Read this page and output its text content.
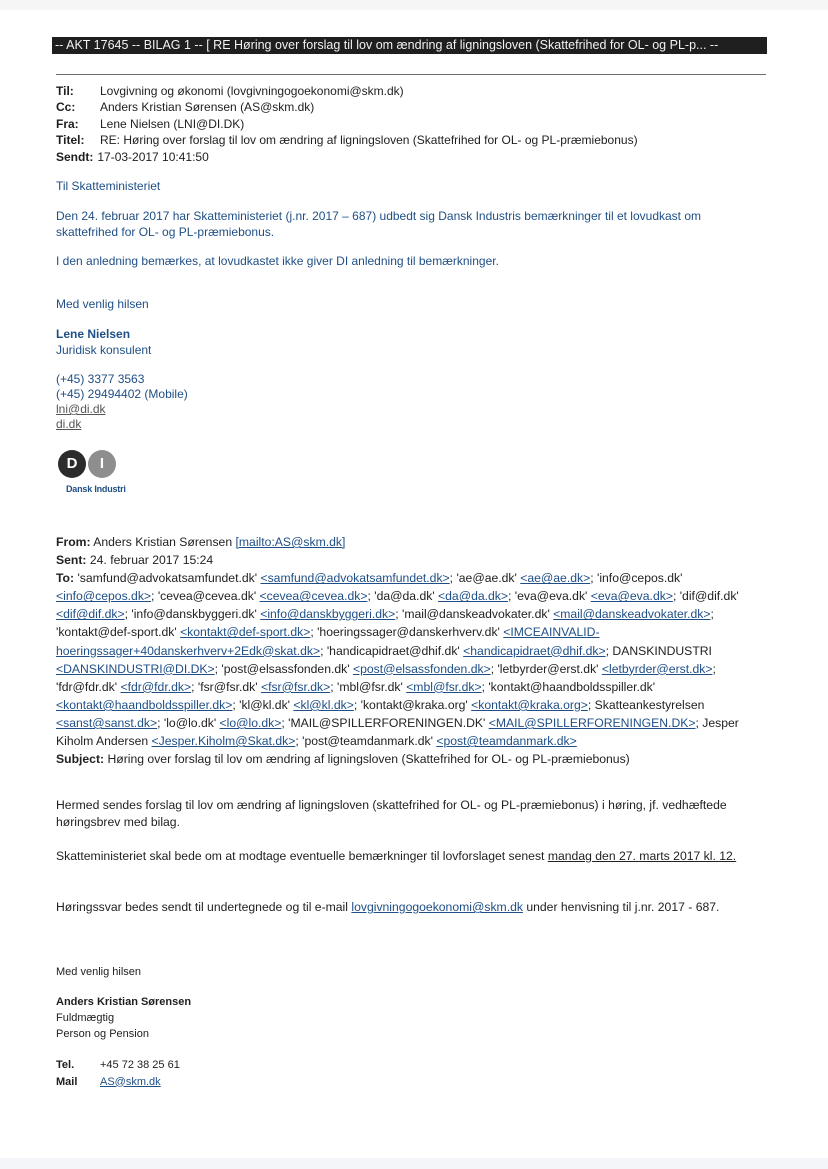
-- AKT 17645 -- BILAG 1 -- [ RE Høring over forslag til lov om ændring af ligningsloven (Skattefrihed for OL- og PL-p... --
Til:	Lovgivning og økonomi (lovgivningogoekonomi@skm.dk)
Cc:	Anders Kristian Sørensen (AS@skm.dk)
Fra:	Lene Nielsen (LNI@DI.DK)
Titel:	RE: Høring over forslag til lov om ændring af ligningsloven (Skattefrihed for OL- og PL-præmiebonus)
Sendt: 17-03-2017 10:41:50
Til Skatteministeriet
Den 24. februar 2017 har Skatteministeriet (j.nr. 2017 – 687) udbedt sig Dansk Industris bemærkninger til et lovudkast om skattefrihed for OL- og PL-præmiebonus.
I den anledning bemærkes, at lovudkastet ikke giver DI anledning til bemærkninger.
Med venlig hilsen
Lene Nielsen
Juridisk konsulent
(+45) 3377 3563
(+45) 29494402 (Mobile)
lni@di.dk
di.dk
D	I
Dansk Industri
From: Anders Kristian Sørensen [mailto:AS@skm.dk]
Sent: 24. februar 2017 15:24
To: 'samfund@advokatsamfundet.dk' <samfund@advokatsamfundet.dk>; 'ae@ae.dk' <ae@ae.dk>; 'info@cepos.dk' <info@cepos.dk>; 'cevea@cevea.dk' <cevea@cevea.dk>; 'da@da.dk' <da@da.dk>; 'eva@eva.dk' <eva@eva.dk>; 'dif@dif.dk' <dif@dif.dk>; 'info@danskbyggeri.dk' <info@danskbyggeri.dk>; 'mail@danskeadvokater.dk' <mail@danskeadvokater.dk>; 'kontakt@def-sport.dk' <kontakt@def-sport.dk>; 'hoeringssager@danskerhverv.dk' <IMCEAINVALID-hoeringssager+40danskerhverv+2Edk@skat.dk>; 'handicapidraet@dhif.dk' <handicapidraet@dhif.dk>; DANSKINDUSTRI <DANSKINDUSTRI@DI.DK>; 'post@elsassfonden.dk' <post@elsassfonden.dk>; 'letbyrder@erst.dk' <letbyrder@erst.dk>; 'fdr@fdr.dk' <fdr@fdr.dk>; 'fsr@fsr.dk' <fsr@fsr.dk>; 'mbl@fsr.dk' <mbl@fsr.dk>; 'kontakt@haandboldsspiller.dk' <kontakt@haandboldsspiller.dk>; 'kl@kl.dk' <kl@kl.dk>; 'kontakt@kraka.org' <kontakt@kraka.org>; Skatteankestyrelsen <sanst@sanst.dk>; 'lo@lo.dk' <lo@lo.dk>; 'MAIL@SPILLERFORENINGEN.DK' <MAIL@SPILLERFORENINGEN.DK>; Jesper Kiholm Andersen <Jesper.Kiholm@Skat.dk>; 'post@teamdanmark.dk' <post@teamdanmark.dk>
Subject: Høring over forslag til lov om ændring af ligningsloven (Skattefrihed for OL- og PL-præmiebonus)
Hermed sendes forslag til lov om ændring af ligningsloven (skattefrihed for OL- og PL-præmiebonus) i høring, jf. vedhæftede høringsbrev med bilag.
Skatteministeriet skal bede om at modtage eventuelle bemærkninger til lovforslaget senest mandag den 27. marts 2017 kl. 12.
Høringssvar bedes sendt til undertegnede og til e-mail lovgivningogoekonomi@skm.dk under henvisning til j.nr. 2017 - 687.
Med venlig hilsen
Anders Kristian Sørensen
Fuldmægtig
Person og Pension
Tel.	+45 72 38 25 61
Mail	AS@skm.dk
